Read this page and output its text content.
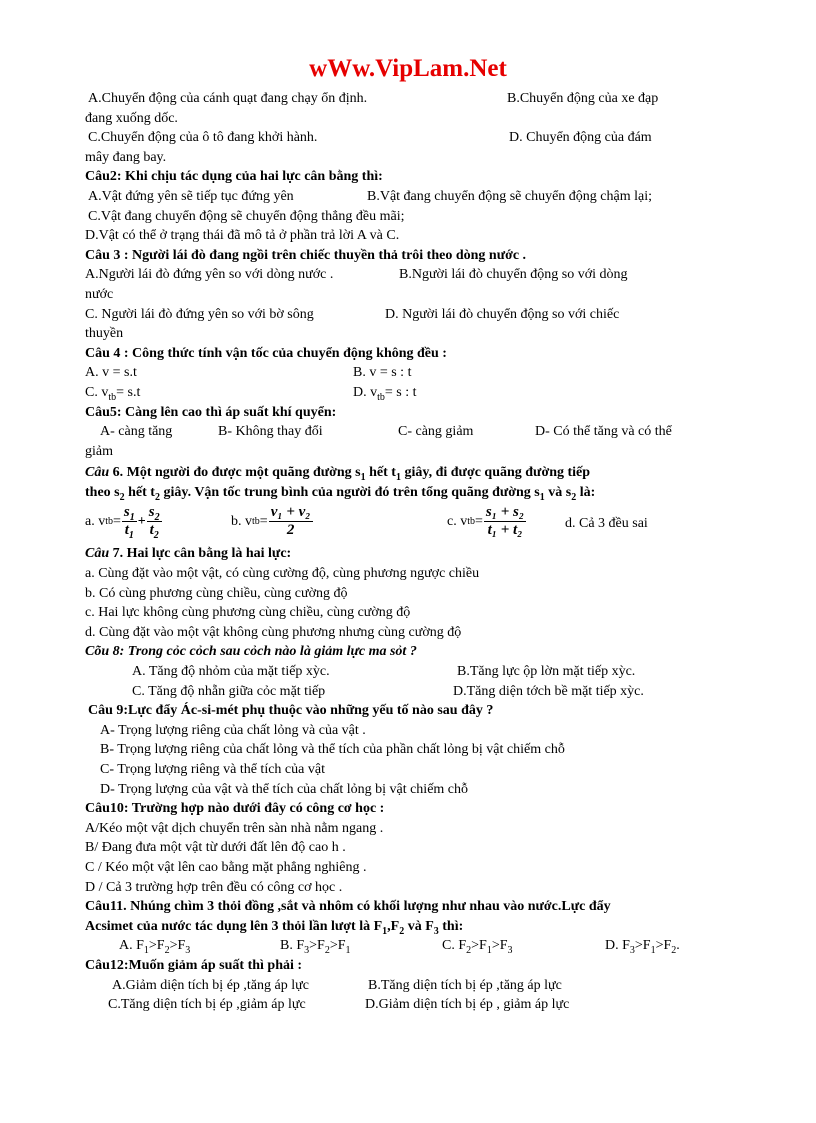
wWw.VipLam.Net
A.Chuyển động của cánh quạt đang chạy ổn định.	B.Chuyển động của xe đạp
đang xuống dốc.
C.Chuyển động của ô tô đang khởi hành.	D. Chuyển động của đám
mây đang bay.
Câu2: Khi chịu tác dụng của hai lực cân bằng thì:
A.Vật đứng yên sẽ tiếp tục đứng yên	B.Vật đang chuyển động sẽ chuyển động chậm lại;
C.Vật đang chuyển động sẽ chuyển động thẳng đều mãi;
D.Vật có thể ở trạng thái đã mô tả ở phần trả lời A và C.
Câu 3 : Người lái đò đang ngồi trên chiếc thuyền thả trôi theo dòng nước .
A.Người lái đò đứng yên so với dòng nước .	B.Người lái đò chuyển động so với dòng
nước
C. Người lái đò đứng yên so với bờ sông	D. Người lái đò chuyển động so với chiếc
thuyền
Câu 4 : Công thức tính vận tốc của chuyển động không đều :
A. v = s.t	B. v = s : t
C. $v_{tb}= s.t$	D. $v_{tb}= s$ : t
Câu5: Càng lên cao thì áp suất khí quyển:
A- càng tăng	B- Không thay đổi	C- càng giảm	D- Có thể tăng và có thể
giảm
Câu 6. Một người đo được một quãng đường $s_1$ hết $t_1$ giây, đi được quãng đường tiếp
theo $s_2$ hết $t_2$ giây. Vận tốc trung bình của người đó trên tổng quãng đường $s_1$ và $s_2$ là:
a. v tb = $\frac{s_1}{t_1} + \frac{s_2}{t_2}$	b. v tb = $\frac{\text{v₁ + v₂}}{2}$	c. v tb = $\frac{\text{s₁ + s₂}}{\text{t₁ + t₂}}$	d. Cả 3 đều sai
Câu 7. Hai lực cân bằng là hai lực:
a. Cùng đặt vào một vật, có cùng cường độ, cùng phương ngược chiều
b. Có cùng phương cùng chiều, cùng cường độ
c. Hai lực không cùng phương cùng chiều, cùng cường độ
d. Cùng đặt vào một vật không cùng phương nhưng cùng cường độ
Cõu 8: Trong cỏc cỏch sau cỏch nào là giảm lực ma sỏt ?
A. Tăng độ nhỏm của mặt tiếp xỳc.	B.Tăng lực ộp lờn mặt tiếp xỳc.
C. Tăng độ nhẵn giữa cỏc mặt tiếp	D.Tăng diện tớch bề mặt tiếp xỳc.
Câu 9:Lực đẩy Ác-si-mét phụ thuộc vào những yếu tố nào sau đây ?
A- Trọng lượng riêng của chất lỏng và của vật .
B- Trọng lượng riêng của chất lỏng và thể tích của phần chất lỏng bị vật chiếm chỗ
C- Trọng lượng riêng và thể tích của vật
D- Trọng lượng của vật và thể tích của chất lỏng bị vật chiếm chỗ
Câu10: Trường hợp nào dưới đây có công cơ học :
A/Kéo một vật dịch chuyển trên sàn nhà nằm ngang .
B/ Đang đưa một vật từ dưới đất lên độ cao h .
C / Kéo một vật lên cao bằng mặt phẳng nghiêng .
D / Cả 3 trường hợp trên đều có công cơ học .
Câu11. Nhúng chìm 3 thỏi đồng ,sắt và nhôm có khối lượng như nhau vào nước.Lực đẩy
Acsimet của nước tác dụng lên 3 thỏi lần lượt là $F_1,F_2$ và $F_3$ thì:
A. $F_1>F_2>F_3$	B. $F_3>F_2>F_1$	C. $F_2>F_1>F_3$	D. $F_3>F_1>F_2$.
Câu12:Muốn giảm áp suất thì phải :
A.Giảm diện tích bị ép ,tăng áp lực	B.Tăng diện tích bị ép ,tăng áp lực
C.Tăng diện tích bị ép ,giảm áp lực	D.Giảm diện tích bị ép , giảm áp lực
